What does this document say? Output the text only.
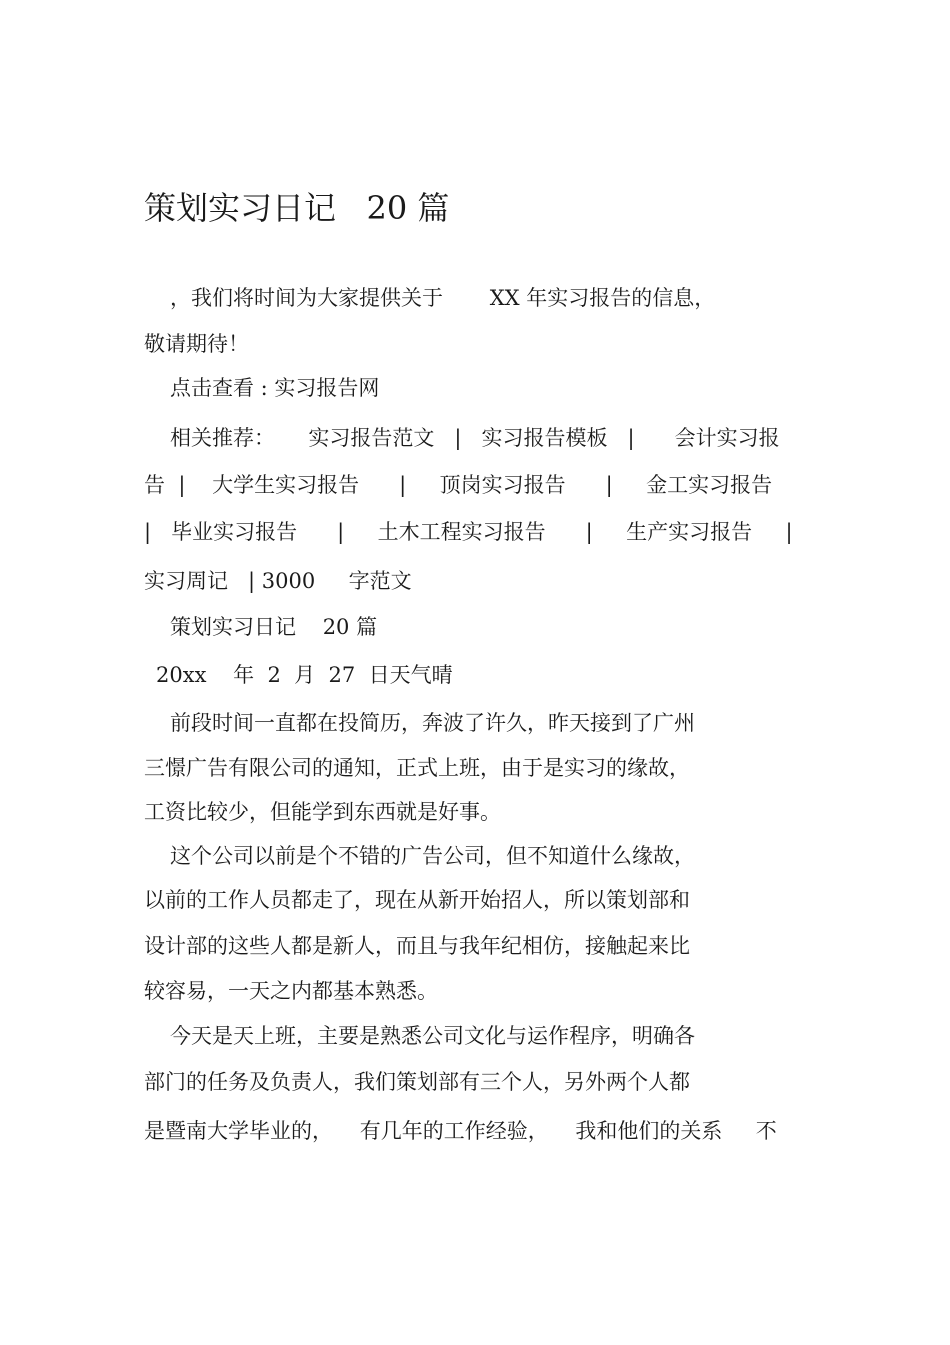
策划实习日记   20 篇
，我们将时间为大家提供关于       XX 年实习报告的信息，
敬请期待！
点击查看 : 实习报告网
相关推荐：     实习报告范文   |   实习报告模板   |      会计实习报
告  |    大学生实习报告      |     顶岗实习报告      |     金工实习报告
|   毕业实习报告      |     土木工程实习报告      |     生产实习报告     |
实习周记   | 3000     字范文
策划实习日记    20 篇
20xx    年  2  月  27  日天气晴
前段时间一直都在投简历，奔波了许久，昨天接到了广州
三憬广告有限公司的通知，正式上班，由于是实习的缘故，
工资比较少，但能学到东西就是好事。
这个公司以前是个不错的广告公司，但不知道什么缘故，
以前的工作人员都走了，现在从新开始招人，所以策划部和
设计部的这些人都是新人，而且与我年纪相仿，接触起来比
较容易，一天之内都基本熟悉。
今天是天上班，主要是熟悉公司文化与运作程序，明确各
部门的任务及负责人，我们策划部有三个人，另外两个人都
是暨南大学毕业的，    有几年的工作经验，    我和他们的关系     不
